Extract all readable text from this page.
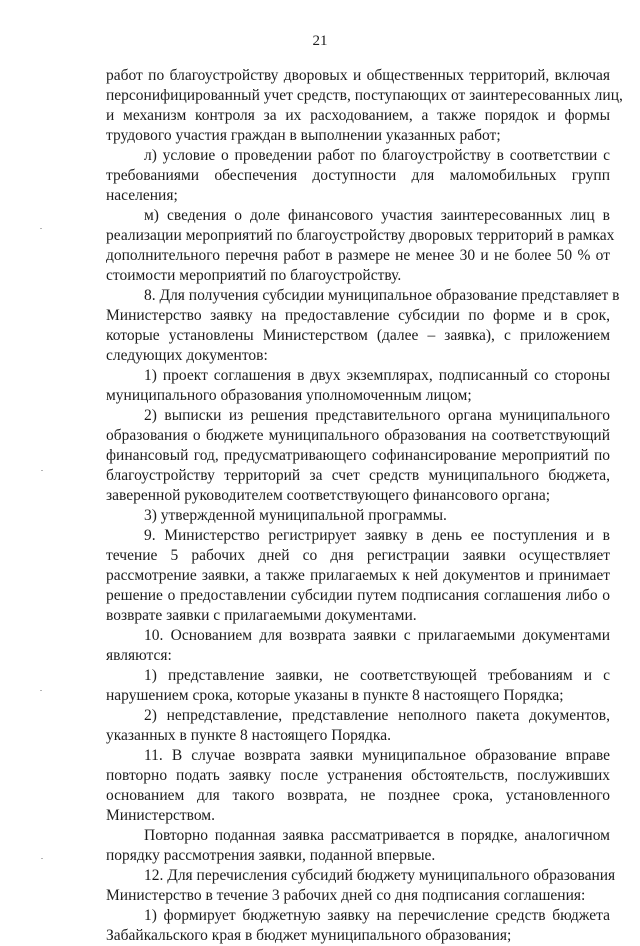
21
работ по благоустройству дворовых и общественных территорий, включая
персонифицированный учет средств, поступающих от заинтересованных лиц,
и механизм контроля за их расходованием, а также порядок и формы
трудового участия граждан в выполнении указанных работ;
л) условие о проведении работ по благоустройству в соответствии с
требованиями обеспечения доступности для маломобильных групп
населения;
м) сведения о доле финансового участия заинтересованных лиц в
реализации мероприятий по благоустройству дворовых территорий в рамках
дополнительного перечня работ в размере не менее 30 и не более 50 % от
стоимости мероприятий по благоустройству.
8. Для получения субсидии муниципальное образование представляет в
Министерство заявку на предоставление субсидии по форме и в срок,
которые установлены Министерством (далее – заявка), с приложением
следующих документов:
1) проект соглашения в двух экземплярах, подписанный со стороны
муниципального образования уполномоченным лицом;
2) выписки из решения представительного органа муниципального
образования о бюджете муниципального образования на соответствующий
финансовый год, предусматривающего софинансирование мероприятий по
благоустройству территорий за счет средств муниципального бюджета,
заверенной руководителем соответствующего финансового органа;
3) утвержденной муниципальной программы.
9. Министерство регистрирует заявку в день ее поступления и в
течение 5 рабочих дней со дня регистрации заявки осуществляет
рассмотрение заявки, а также прилагаемых к ней документов и принимает
решение о предоставлении субсидии путем подписания соглашения либо о
возврате заявки с прилагаемыми документами.
10. Основанием для возврата заявки с прилагаемыми документами
являются:
1) представление заявки, не соответствующей требованиям и с
нарушением срока, которые указаны в пункте 8 настоящего Порядка;
2) непредставление, представление неполного пакета документов,
указанных в пункте 8 настоящего Порядка.
11. В случае возврата заявки муниципальное образование вправе
повторно подать заявку после устранения обстоятельств, послуживших
основанием для такого возврата, не позднее срока, установленного
Министерством.
Повторно поданная заявка рассматривается в порядке, аналогичном
порядку рассмотрения заявки, поданной впервые.
12. Для перечисления субсидий бюджету муниципального образования
Министерство в течение 3 рабочих дней со дня подписания соглашения:
1) формирует бюджетную заявку на перечисление средств бюджета
Забайкальского края в бюджет муниципального образования;
